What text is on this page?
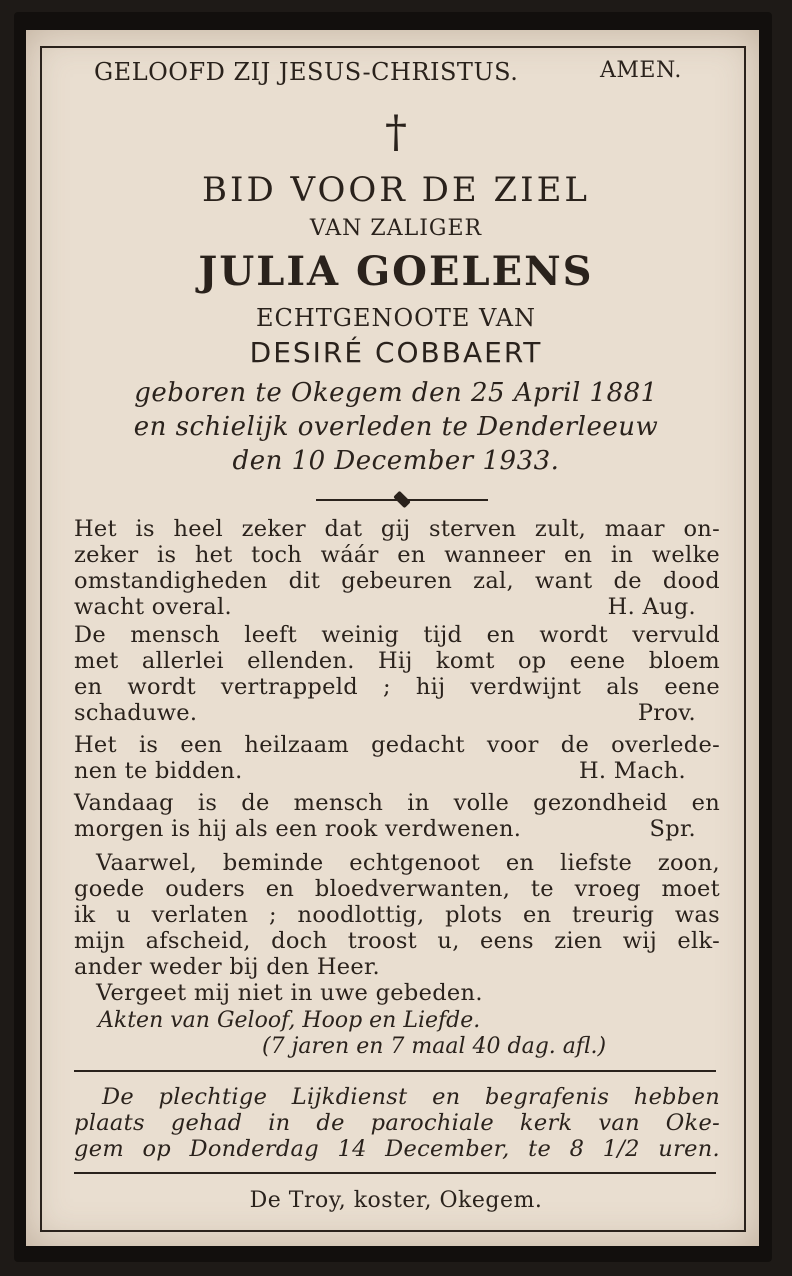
GELOOFD ZIJ JESUS-CHRISTUS.	AMEN.
†
BID VOOR DE ZIEL
VAN ZALIGER
JULIA GOELENS
ECHTGENOOTE VAN
DESIRÉ COBBAERT
geboren te Okegem den 25 April 1881
en schielijk overleden te Denderleeuw
den 10 December 1933.
Het is heel zeker dat gij sterven zult, maar on-
zeker is het toch wáár en wanneer en in welke
omstandigheden dit gebeuren zal, want de dood
wacht overal.	H. Aug.
De mensch leeft weinig tijd en wordt vervuld
met allerlei ellenden. Hij komt op eene bloem
en wordt vertrappeld ; hij verdwijnt als eene
schaduwe.	Prov.
Het is een heilzaam gedacht voor de overlede-
nen te bidden.	H. Mach.
Vandaag is de mensch in volle gezondheid en
morgen is hij als een rook verdwenen.	Spr.
Vaarwel, beminde echtgenoot en liefste zoon,
goede ouders en bloedverwanten, te vroeg moet
ik u verlaten ; noodlottig, plots en treurig was
mijn afscheid, doch troost u, eens zien wij elk-
ander weder bij den Heer.
Vergeet mij niet in uwe gebeden.
Akten van Geloof, Hoop en Liefde.
(7 jaren en 7 maal 40 dag. afl.)
De plechtige Lijkdienst en begrafenis hebben
plaats gehad in de parochiale kerk van Oke-
gem op Donderdag 14 December, te 8 1/2 uren.
De Troy, koster, Okegem.
